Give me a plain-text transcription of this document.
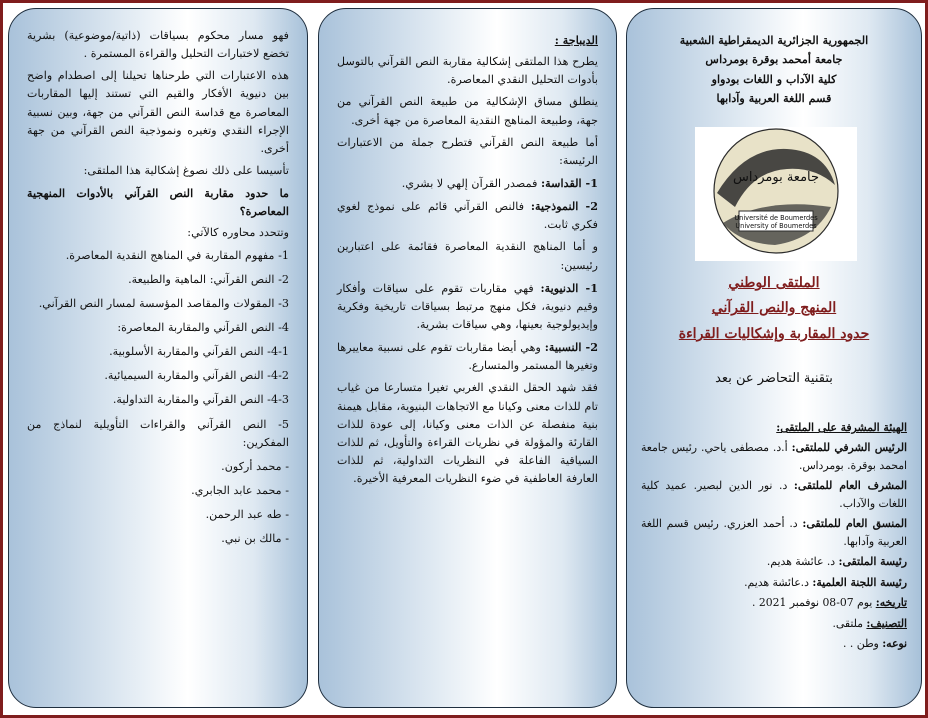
فهو مسار محكوم بسياقات (ذاتية/موضوعية) بشرية تخضع لاختبارات التحليل والقراءة المستمرة .

هذه الاعتبارات التي طرحناها تحيلنا إلى اصطدام واضح بين دنيوية الأفكار والقيم التي تستند إليها المقاربات المعاصرة مع قداسة النص القرآني من جهة، وبين نسبية الإجراء النقدي وتغيره ونموذجية النص القرآني من جهة أخرى.

تأسيسا على ذلك نصوغ إشكالية هذا الملتقى:

ما حدود مقاربة النص القرآني بالأدوات المنهجية المعاصرة؟

وتتحدد محاوره كالآتي:

1- مفهوم المقاربة في المناهج النقدية المعاصرة.

2- النص القرآني: الماهية والطبيعة.

3- المقولات والمقاصد المؤسسة لمسار النص القرآني.

4- النص القرآني والمقاربة المعاصرة:

4-1- النص القرآني والمقاربة الأسلوبية.

4-2- النص القرآني والمقاربة السيميائية.

4-3- النص القرآني والمقاربة التداولية.

5- النص القرآني والقراءات التأويلية لنماذج من المفكرين:

- محمد أركون.

- محمد عابد الجابري.

- طه عبد الرحمن.

- مالك بن نبي.

الديباجة :

يطرح هذا الملتقى إشكالية مقاربة النص القرآني بالتوسل بأدوات التحليل النقدي المعاصرة.

ينطلق مساق الإشكالية من طبيعة النص القرآني من جهة، وطبيعة المناهج النقدية المعاصرة من جهة أخرى.

أما طبيعة النص القرآني فتطرح جملة من الاعتبارات الرئيسة:

1- القداسة: فمصدر القرآن إلهي لا بشري.

2- النموذجية: فالنص القرآني قائم على نموذج لغوي فكري ثابت.

و أما المناهج النقدية المعاصرة فقائمة على اعتبارين رئيسين:

1- الدنيوية: فهي مقاربات تقوم على سياقات وأفكار وقيم دنيوية، فكل منهج مرتبط بسياقات تاريخية وفكرية وإيديولوجية بعينها، وهي سياقات بشرية.

2- النسبية: وهي أيضا مقاربات تقوم على نسبية معاييرها وتغيرها المستمر والمتسارع.

فقد شهد الحقل النقدي الغربي تغيرا متسارعا من غياب تام للذات معنى وكيانا مع الاتجاهات البنيوية، مقابل هيمنة بنية منفصلة عن الذات معنى وكيانا، إلى عودة للذات القارئة والمؤولة في نظريات القراءة والتأويل، ثم للذات السياقية الفاعلة في النظريات التداولية، ثم للذات العارفة العاطفية في ضوء النظريات المعرفية الأخيرة.

الجمهورية الجزائرية الديمقراطية الشعبية
جامعة أمحمد بوقرة بومرداس
كلية الآداب و اللغات بودواو
قسم اللغة العربية وآدابها
جامعة بومرداس
Université de Boumerdes
University of Boumerdes
الملتقى الوطني
المنهج والنص القرآني
حدود المقاربة وإشكاليات القراءة
بتقنية التحاضر عن بعد

الهيئة المشرفة على الملتقى:

الرئيس الشرفي للملتقى: أ.د. مصطفى ياحي. رئيس جامعة امحمد بوقرة. بومرداس.

المشرف العام للملتقى: د. نور الدين لبصير. عميد كلية اللغات والآداب.

المنسق العام للملتقى: د. أحمد العزري. رئيس قسم اللغة العربية وآدابها.

رئيسة الملتقى: د. عائشة هديم.

رئيسة اللجنة العلمية: د.عائشة هديم.

تاريخه: يوم 07-08 نوفمبر 2021 .

التصنيف: ملتقى.

نوعه: وطن . .
